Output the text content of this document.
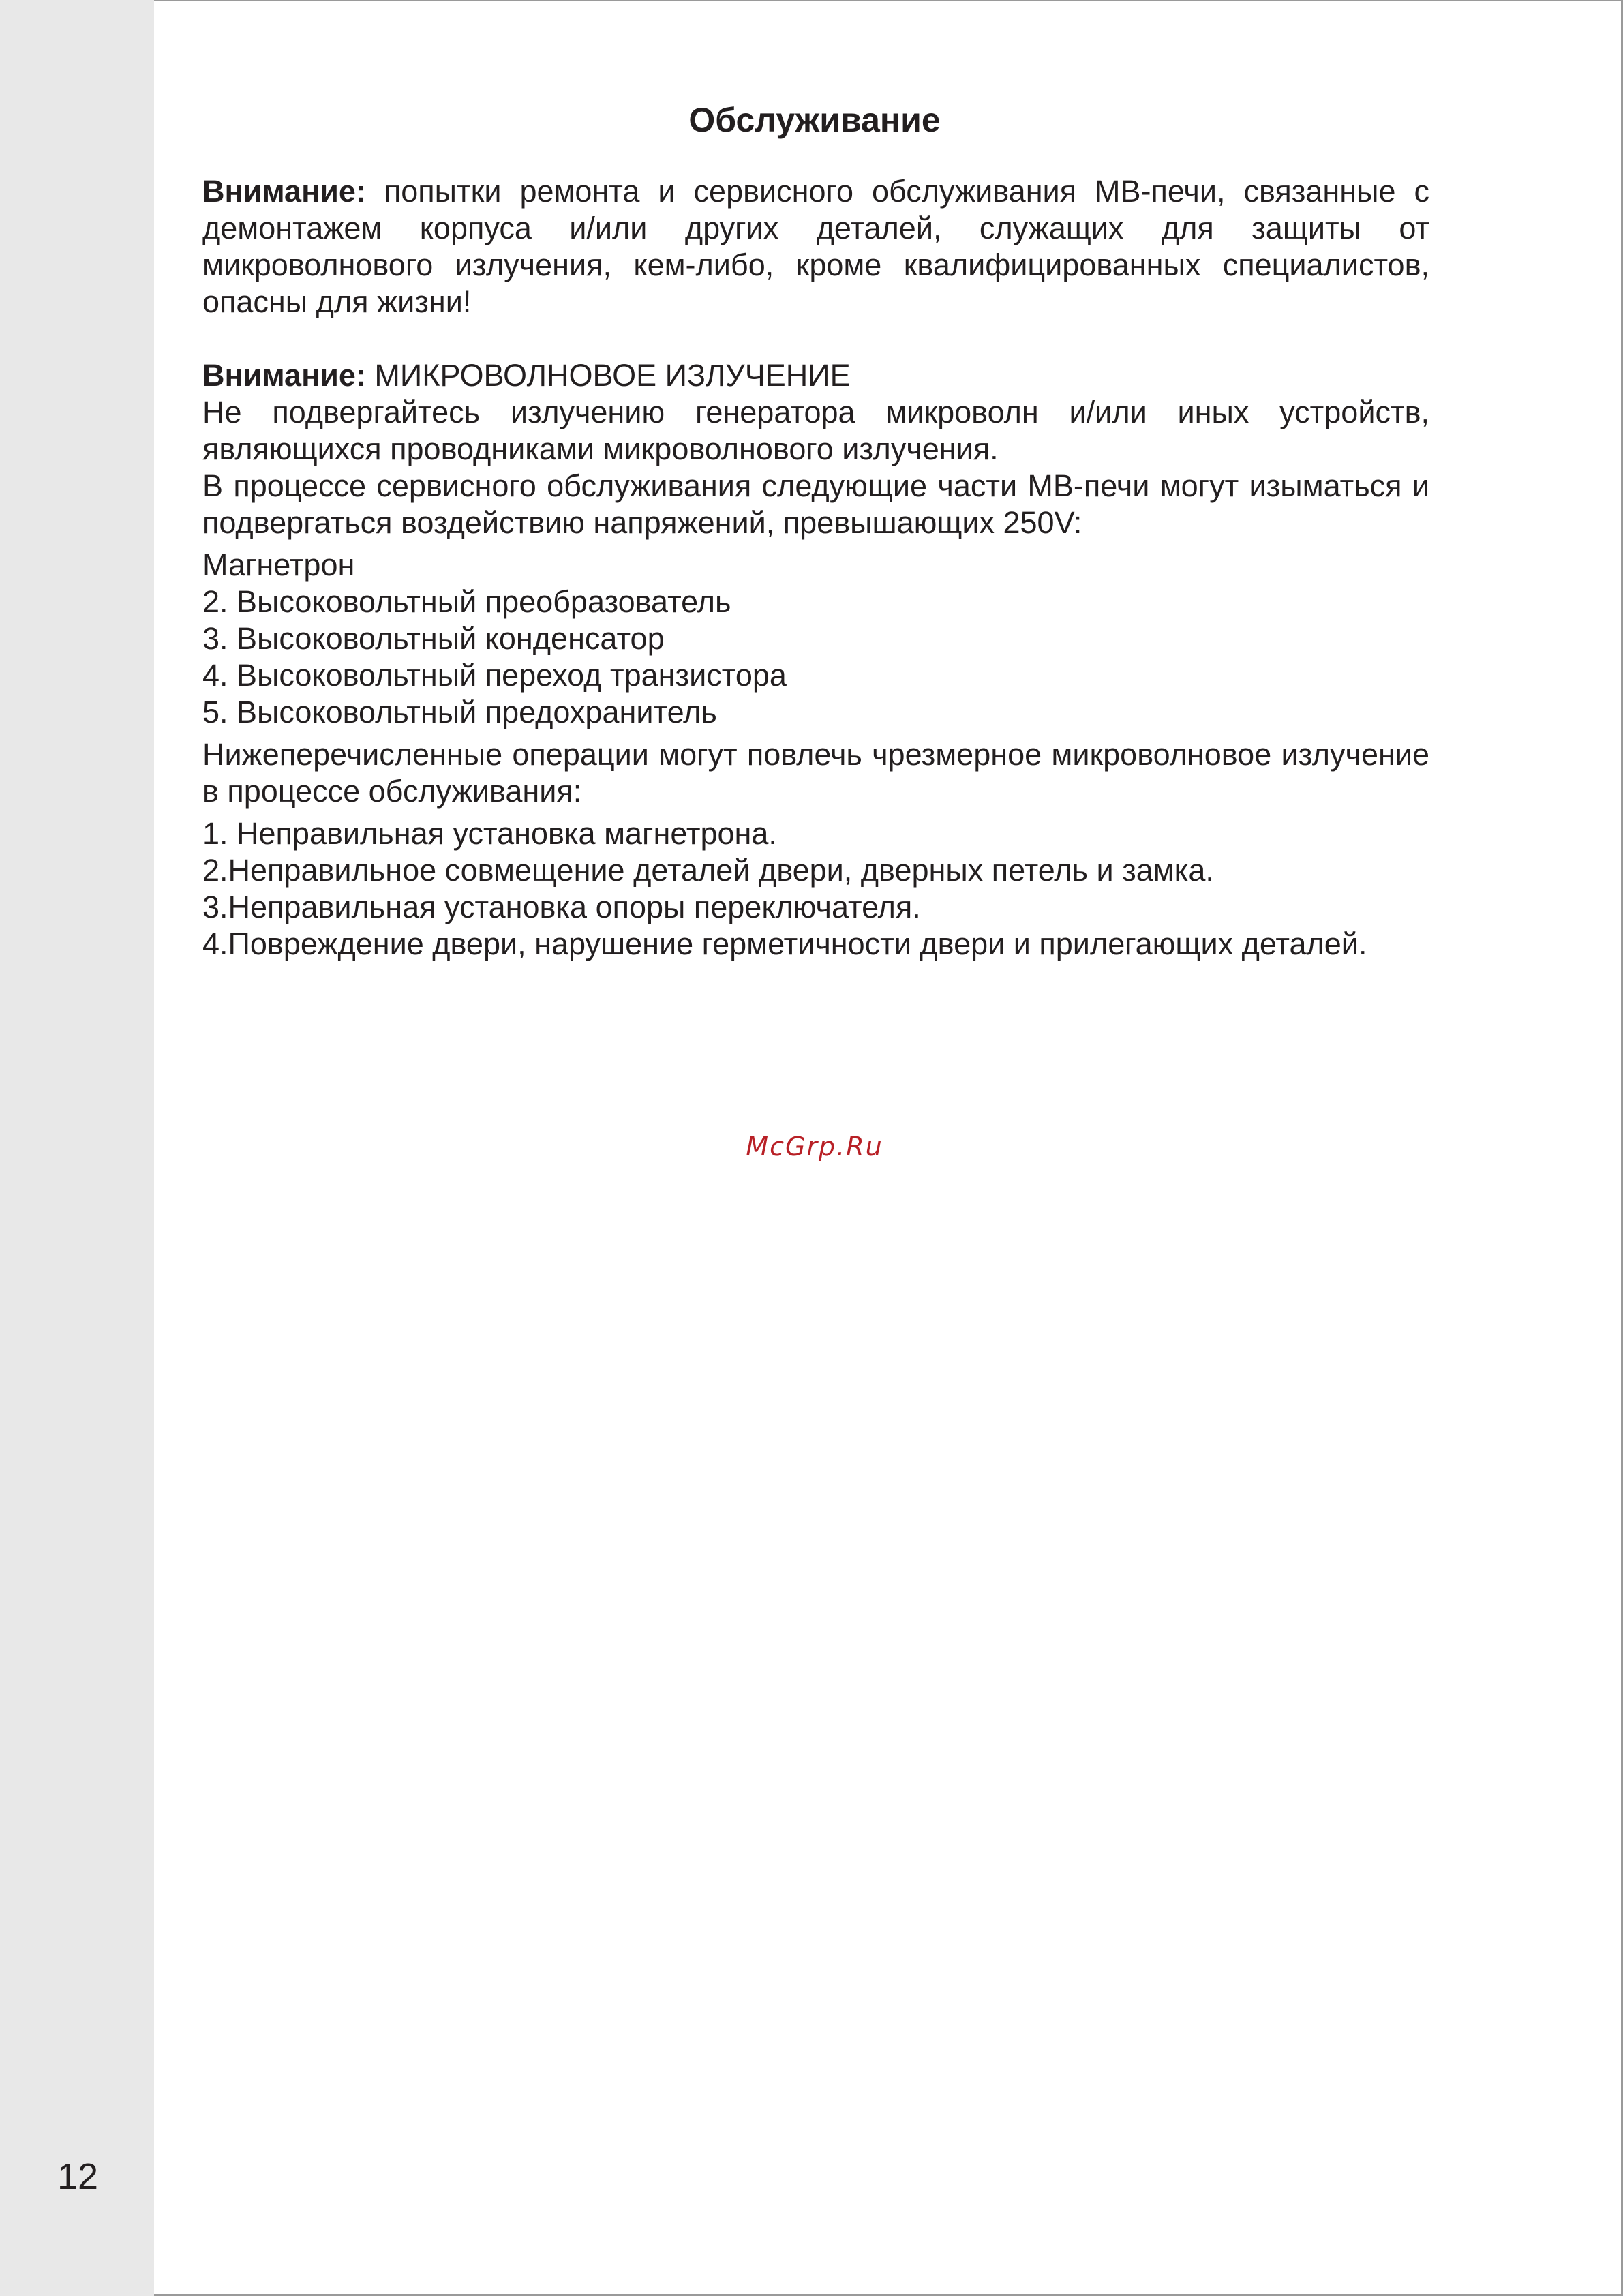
Обслуживание

Внимание: попытки ремонта и сервисного обслуживания МВ-печи, связанные с демонтажем корпуса и/или других деталей, служащих для защиты от микроволнового излучения, кем-либо, кроме квалифицированных специалистов, опасны для жизни!

Внимание: МИКРОВОЛНОВОЕ ИЗЛУЧЕНИЕ

Не подвергайтесь излучению генератора микроволн и/или иных устройств, являющихся проводниками микроволнового излучения.

В процессе сервисного обслуживания следующие части МВ-печи могут изыматься и подвергаться воздействию напряжений, превышающих 250V:

Магнетрон
2. Высоковольтный преобразователь
3. Высоковольтный конденсатор
4. Высоковольтный переход транзистора
5. Высоковольтный предохранитель

Нижеперечисленные операции могут повлечь чрезмерное микроволновое излучение в процессе обслуживания:

1. Неправильная установка магнетрона.
2.Неправильное совмещение деталей двери, дверных петель и замка.
3.Неправильная установка опоры переключателя.
4.Повреждение двери, нарушение герметичности двери и прилегающих деталей.
McGrp.Ru
12
